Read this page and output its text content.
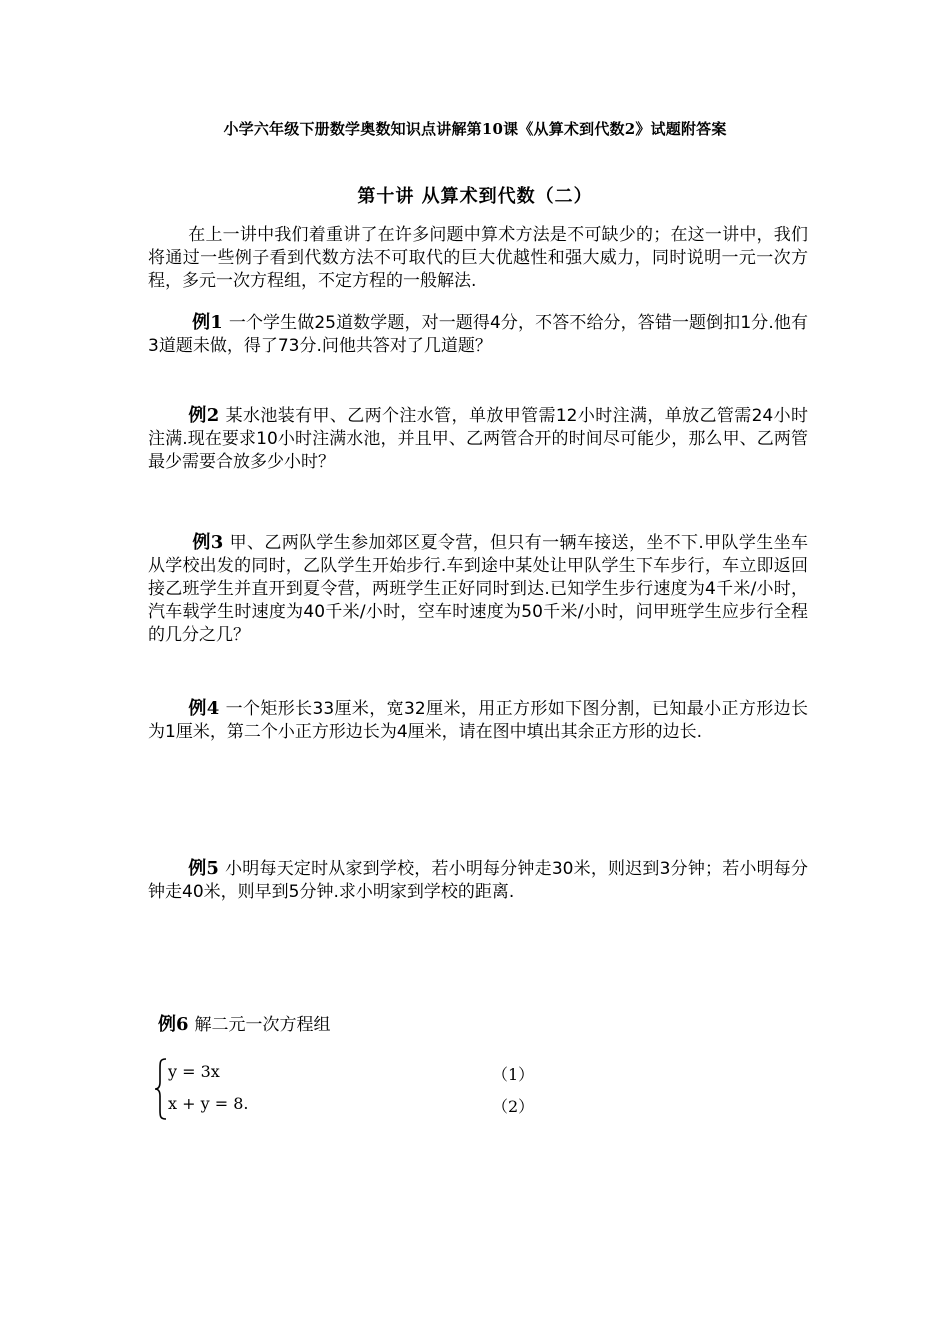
小学六年级下册数学奥数知识点讲解第10课《从算术到代数2》试题附答案
第十讲 从算术到代数（二）
在上一讲中我们着重讲了在许多问题中算术方法是不可缺少的；在这一讲中，我们将通过一些例子看到代数方法不可取代的巨大优越性和强大威力，同时说明一元一次方程，多元一次方程组，不定方程的一般解法.
例1 一个学生做25道数学题，对一题得4分，不答不给分，答错一题倒扣1分.他有3道题未做，得了73分.问他共答对了几道题？
例2 某水池装有甲、乙两个注水管，单放甲管需12小时注满，单放乙管需24小时注满.现在要求10小时注满水池，并且甲、乙两管合开的时间尽可能少，那么甲、乙两管最少需要合放多少小时？
例3 甲、乙两队学生参加郊区夏令营，但只有一辆车接送，坐不下.甲队学生坐车从学校出发的同时，乙队学生开始步行.车到途中某处让甲队学生下车步行，车立即返回接乙班学生并直开到夏令营，两班学生正好同时到达.已知学生步行速度为4千米/小时，汽车载学生时速度为40千米/小时，空车时速度为50千米/小时，问甲班学生应步行全程的几分之几？
例4 一个矩形长33厘米，宽32厘米，用正方形如下图分割，已知最小正方形边长为1厘米，第二个小正方形边长为4厘米，请在图中填出其余正方形的边长.
例5 小明每天定时从家到学校，若小明每分钟走30米，则迟到3分钟；若小明每分钟走40米，则早到5分钟.求小明家到学校的距离.
例6 解二元一次方程组
y = 3x	（1）
x + y = 8.	（2）
